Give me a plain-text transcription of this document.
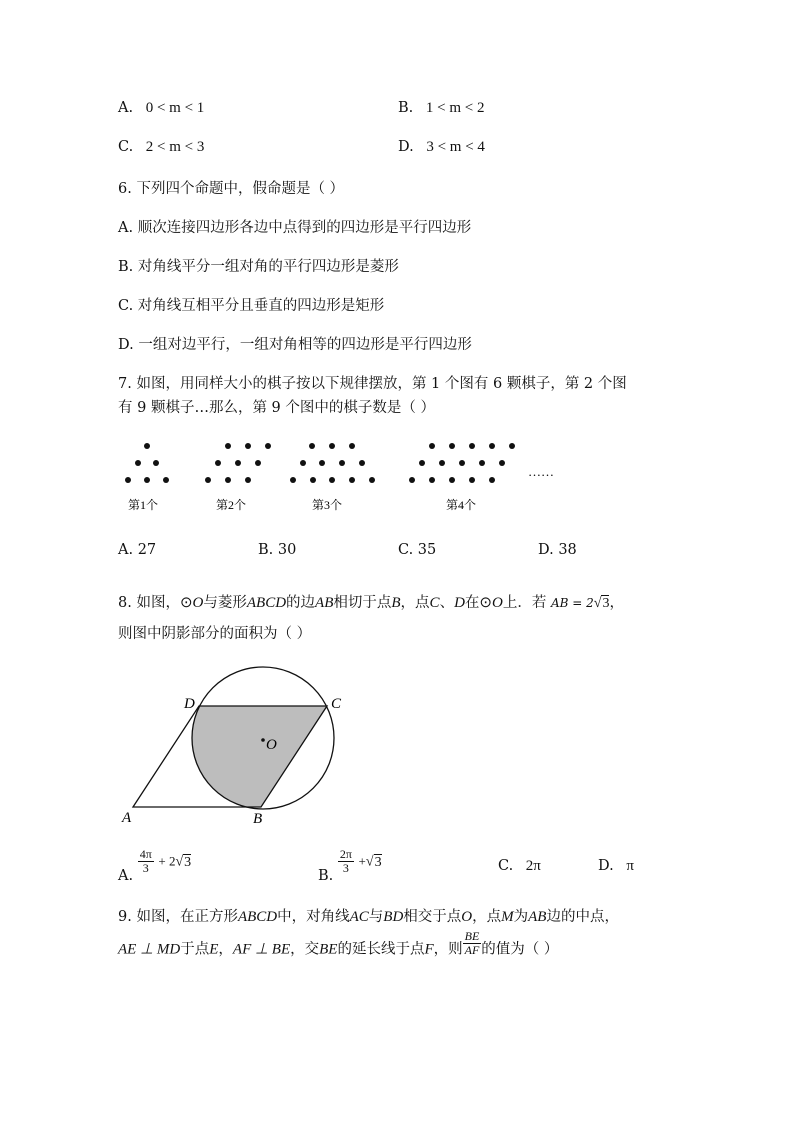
A. 0 < m < 1	B. 1 < m < 2
C. 2 < m < 3	D. 3 < m < 4
6. 下列四个命题中，假命题是（ ）
A. 顺次连接四边形各边中点得到的四边形是平行四边形
B. 对角线平分一组对角的平行四边形是菱形
C. 对角线互相平分且垂直的四边形是矩形
D. 一组对边平行，一组对角相等的四边形是平行四边形
7. 如图，用同样大小的棋子按以下规律摆放，第 1 个图有 6 颗棋子，第 2 个图
有 9 颗棋子…那么，第 9 个图中的棋子数是（ ）
……
第1个	第2个	第3个	第4个
A. 27	B. 30	C. 35	D. 38
8. 如图，⊙O与菱形ABCD的边AB相切于点B，点C、D在⊙O上．若 AB = 2√3，
则图中阴影部分的面积为（ ）
D	C
O
A	B
A.
$\frac{4\pi}{3} + 2√3$
B.
$\frac{2\pi}{3} +√3$	C. 2π	D. π
9. 如图，在正方形ABCD中，对角线AC与BD相交于点O，点M为AB边的中点，
AE ⊥ MD于点E，AF ⊥ BE，交BE的延长线于点F，则 $\frac{BE}{AF}$ 的值为（ ）
